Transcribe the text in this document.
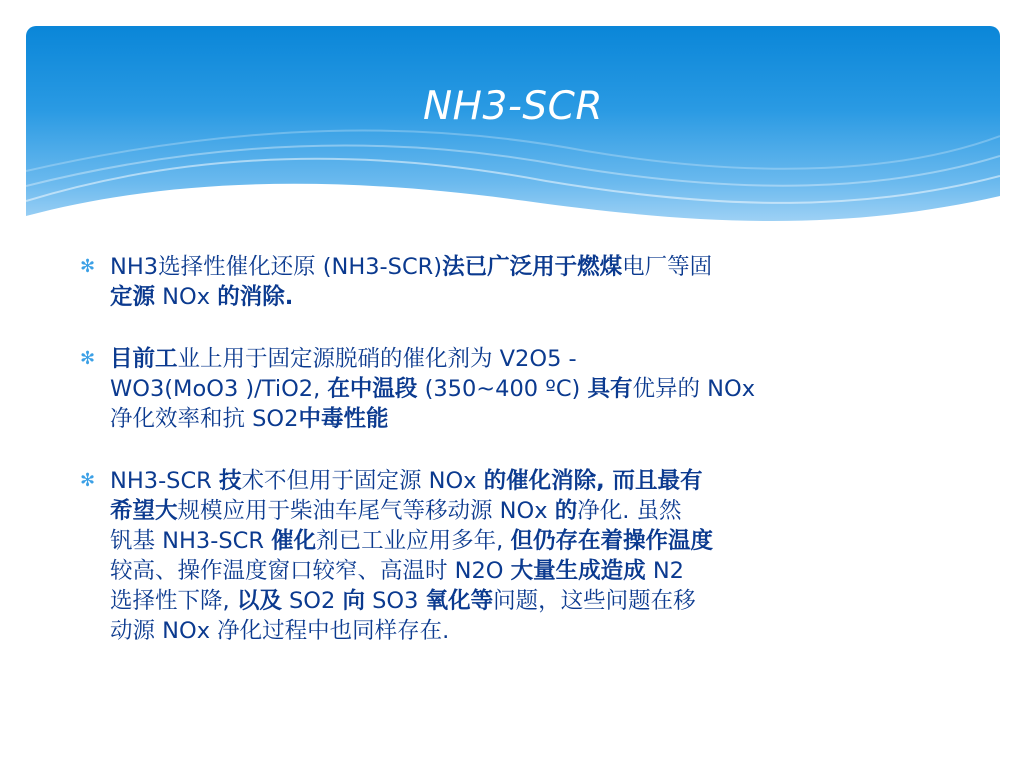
NH3-SCR
✻ NH3选择性催化还原 (NH3-SCR)法已广泛用于燃煤电厂等固
定源 NOx 的消除.
✻ 目前工业上用于固定源脱硝的催化剂为 V2O5 -
WO3(MoO3 )/TiO2, 在中温段 (350~400 ºC) 具有优异的 NOx
净化效率和抗 SO2中毒性能
✻ NH3-SCR 技术不但用于固定源 NOx 的催化消除, 而且最有
希望大规模应用于柴油车尾气等移动源 NOx 的净化. 虽然
钒基 NH3-SCR 催化剂已工业应用多年, 但仍存在着操作温度
较高、操作温度窗口较窄、高温时 N2O 大量生成造成 N2
选择性下降, 以及 SO2 向 SO3 氧化等问题，这些问题在移
动源 NOx 净化过程中也同样存在.
